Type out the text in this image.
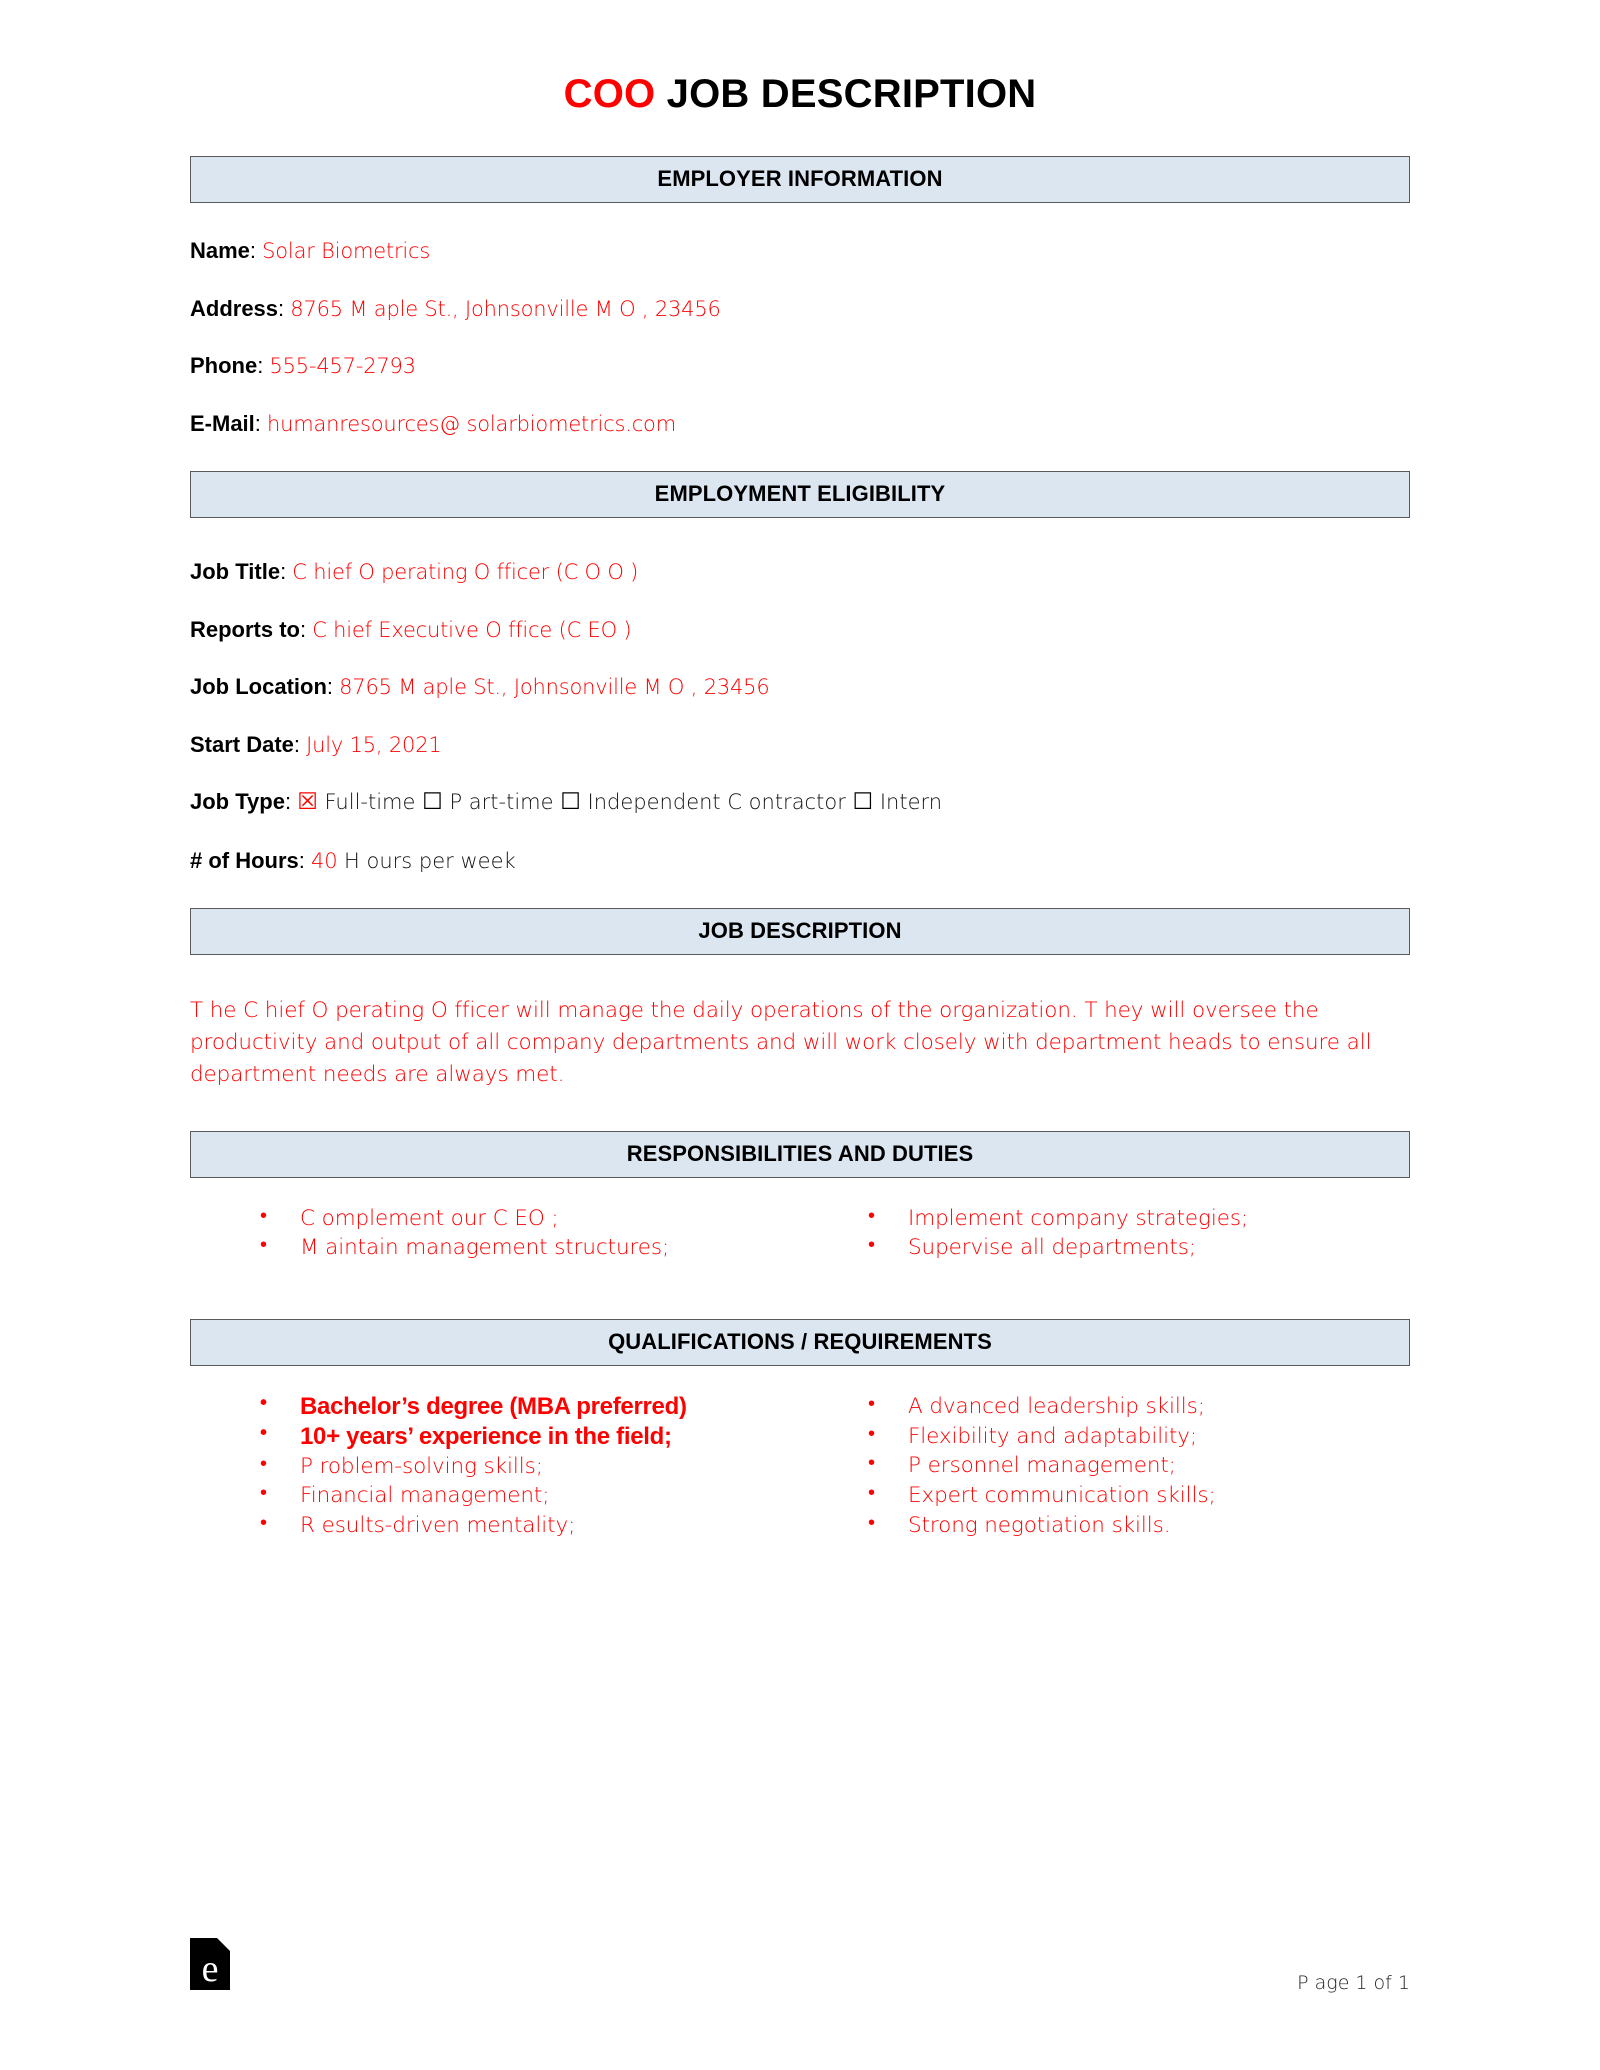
COO JOB DESCRIPTION
EMPLOYER INFORMATION
Name: Solar Biometrics
Address: 8765 M aple St., Johnsonville M O , 23456
Phone: 555-457-2793
E-Mail: humanresources@ solarbiometrics.com
EMPLOYMENT ELIGIBILITY
Job Title: C hief O perating O fficer (C O O )
Reports to: C hief Executive O ffice (C EO )
Job Location: 8765 M aple St., Johnsonville M O , 23456
Start Date: July 15, 2021
Job Type: ☒ Full-time ☐ P art-time ☐ Independent C ontractor ☐ Intern
# of Hours: 40 H ours per week
JOB DESCRIPTION
T he C hief O perating O fficer will manage the daily operations of the organization. T hey will oversee the productivity and output of all company departments and will work closely with department heads to ensure all department needs are always met.
RESPONSIBILITIES AND DUTIES
• C omplement our C EO ;
• M aintain management structures;
• Implement company strategies;
• Supervise all departments;
QUALIFICATIONS / REQUIREMENTS
• Bachelor’s degree (MBA preferred)
• 10+ years’ experience in the field;
• P roblem-solving skills;
• Financial management;
• R esults-driven mentality;
• A dvanced leadership skills;
• Flexibility and adaptability;
• P ersonnel management;
• Expert communication skills;
• Strong negotiation skills.
e	P age 1 of 1
